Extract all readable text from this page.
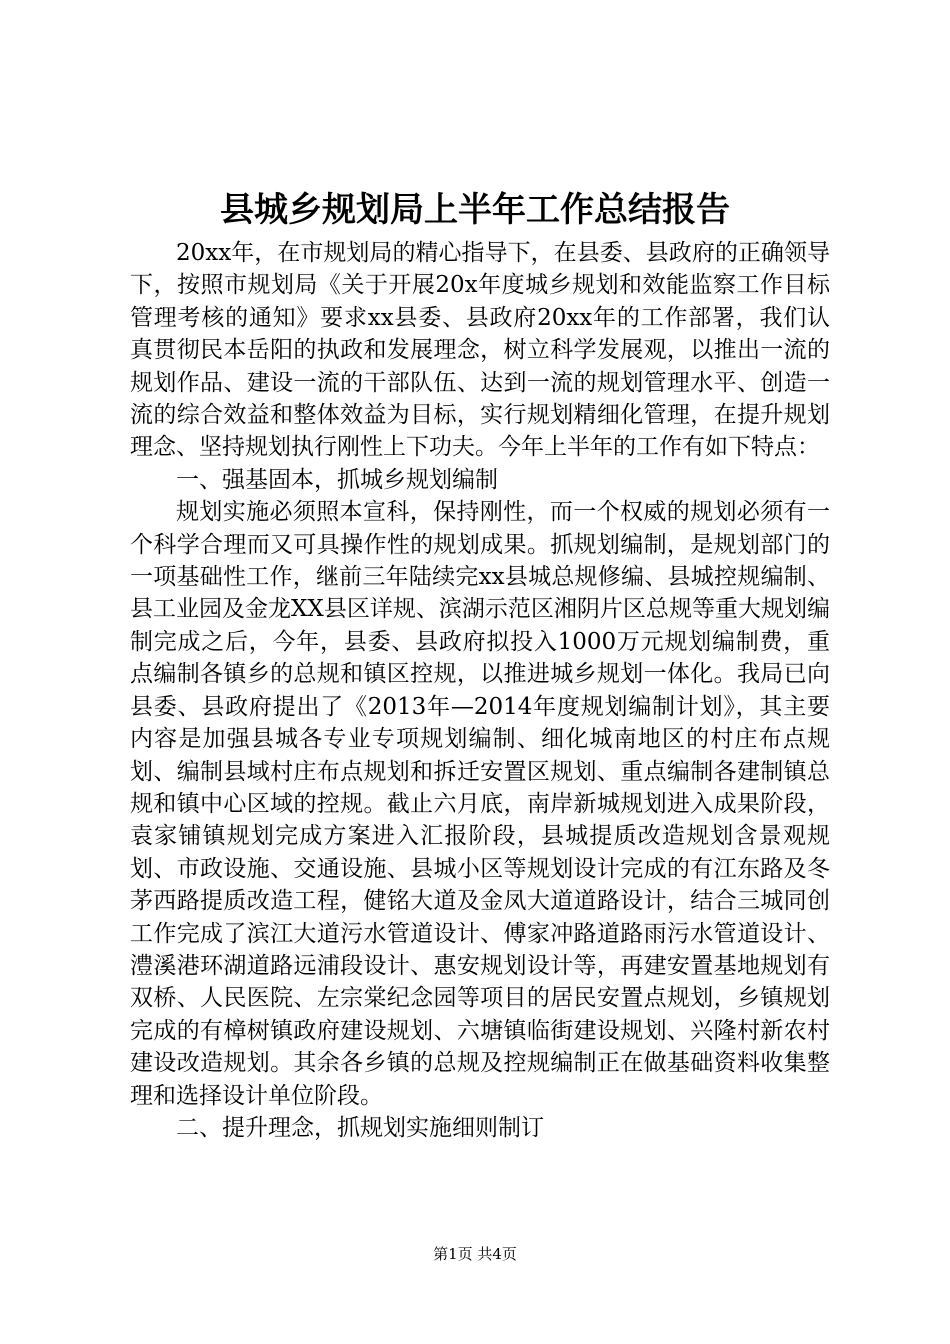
县城乡规划局上半年工作总结报告

20xx年，在市规划局的精心指导下，在县委、县政府的正确领导下，按照市规划局《关于开展20x年度城乡规划和效能监察工作目标管理考核的通知》要求xx县委、县政府20xx年的工作部署，我们认真贯彻民本岳阳的执政和发展理念，树立科学发展观，以推出一流的规划作品、建设一流的干部队伍、达到一流的规划管理水平、创造一流的综合效益和整体效益为目标，实行规划精细化管理，在提升规划理念、坚持规划执行刚性上下功夫。今年上半年的工作有如下特点：

一、强基固本，抓城乡规划编制

规划实施必须照本宣科，保持刚性，而一个权威的规划必须有一个科学合理而又可具操作性的规划成果。抓规划编制，是规划部门的一项基础性工作，继前三年陆续完xx县城总规修编、县城控规编制、县工业园及金龙XX县区详规、滨湖示范区湘阴片区总规等重大规划编制完成之后，今年，县委、县政府拟投入1000万元规划编制费，重点编制各镇乡的总规和镇区控规，以推进城乡规划一体化。我局已向县委、县政府提出了《2013年—2014年度规划编制计划》，其主要内容是加强县城各专业专项规划编制、细化城南地区的村庄布点规划、编制县域村庄布点规划和拆迁安置区规划、重点编制各建制镇总规和镇中心区域的控规。截止六月底，南岸新城规划进入成果阶段，袁家铺镇规划完成方案进入汇报阶段，县城提质改造规划含景观规划、市政设施、交通设施、县城小区等规划设计完成的有江东路及冬茅西路提质改造工程，健铭大道及金凤大道道路设计，结合三城同创工作完成了滨江大道污水管道设计、傅家冲路道路雨污水管道设计、澧溪港环湖道路远浦段设计、惠安规划设计等，再建安置基地规划有双桥、人民医院、左宗棠纪念园等项目的居民安置点规划，乡镇规划完成的有樟树镇政府建设规划、六塘镇临街建设规划、兴隆村新农村建设改造规划。其余各乡镇的总规及控规编制正在做基础资料收集整理和选择设计单位阶段。

二、提升理念，抓规划实施细则制订

第1页 共4页
